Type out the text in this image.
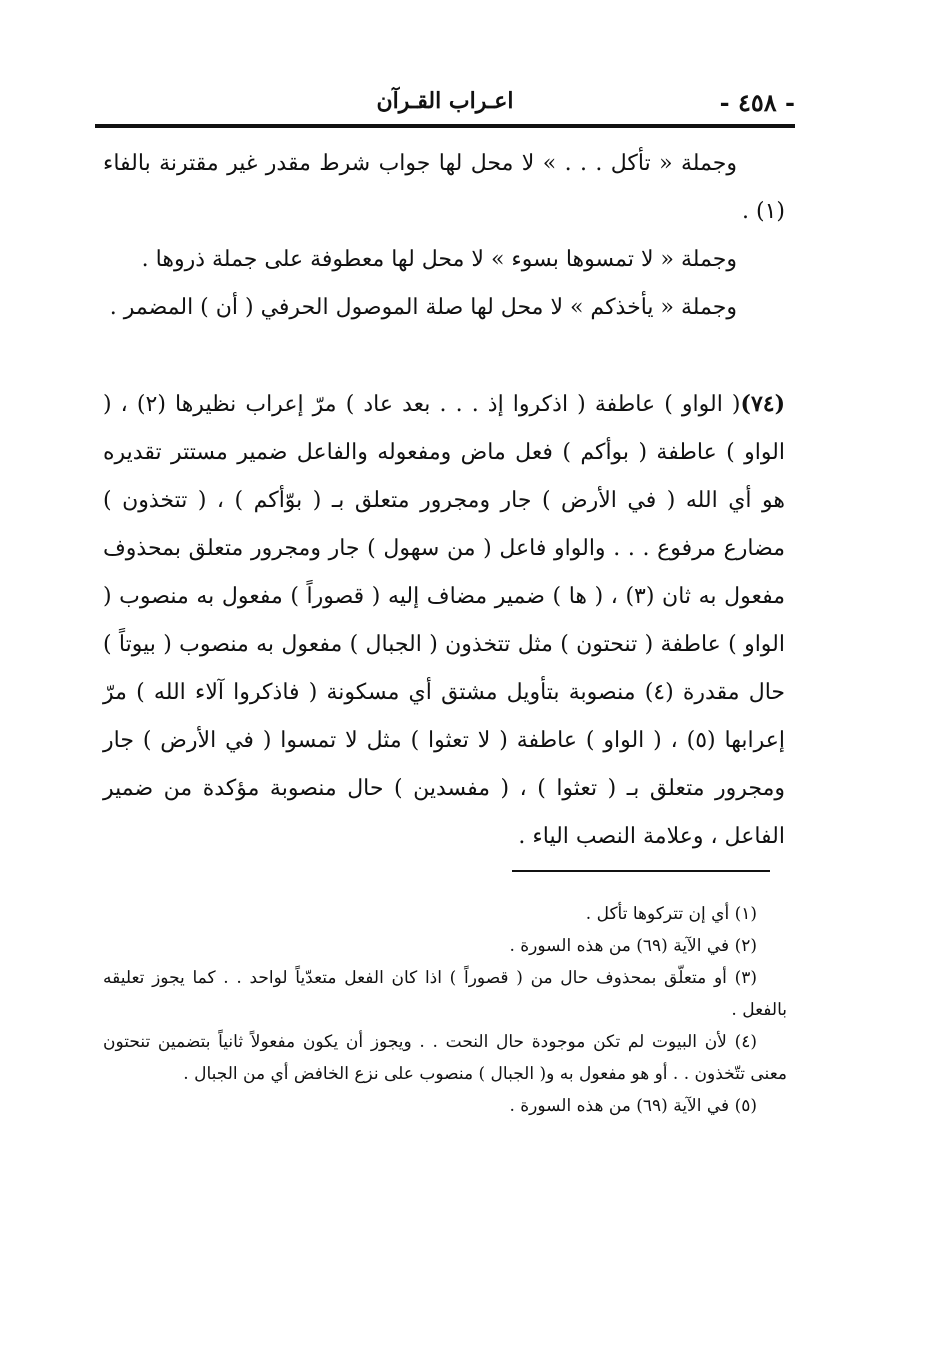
- ٤٥٨ -
اعـراب القـرآن

وجملة « تأكل . . . » لا محل لها جواب شرط مقدر غير مقترنة بالفاء (١) .

وجملة « لا تمسوها بسوء » لا محل لها معطوفة على جملة ذروها .

وجملة « يأخذكم » لا محل لها صلة الموصول الحرفي ( أن ) المضمر .

(٧٤)( الواو ) عاطفة ( اذكروا إذ . . . بعد عاد ) مرّ إعراب نظيرها (٢) ، ( الواو ) عاطفة ( بوأكم ) فعل ماض ومفعوله والفاعل ضمير مستتر تقديره هو أي الله ( في الأرض ) جار ومجرور متعلق بـ ( بوّأكم ) ، ( تتخذون ) مضارع مرفوع . . . والواو فاعل ( من سهول ) جار ومجرور متعلق بمحذوف مفعول به ثان (٣) ، ( ها ) ضمير مضاف إليه ( قصوراً ) مفعول به منصوب ( الواو ) عاطفة ( تنحتون ) مثل تتخذون ( الجبال ) مفعول به منصوب ( بيوتاً ) حال مقدرة (٤) منصوبة بتأويل مشتق أي مسكونة ( فاذكروا آلاء الله ) مرّ إعرابها (٥) ، ( الواو ) عاطفة ( لا تعثوا ) مثل لا تمسوا ( في الأرض ) جار ومجرور متعلق بـ ( تعثوا ) ، ( مفسدين ) حال منصوبة مؤكدة من ضمير الفاعل ، وعلامة النصب الياء .

(١) أي إن تتركوها تأكل .

(٢) في الآية (٦٩) من هذه السورة .

(٣) أو متعلّق بمحذوف حال من ( قصوراً ) اذا كان الفعل متعدّياً لواحد . . كما يجوز تعليقه بالفعل .

(٤) لأن البيوت لم تكن موجودة حال النحت . . ويجوز أن يكون مفعولاً ثانياً بتضمين تنحتون معنى تتّخذون . . أو هو مفعول به و( الجبال ) منصوب على نزع الخافض أي من الجبال .

(٥) في الآية (٦٩) من هذه السورة .
